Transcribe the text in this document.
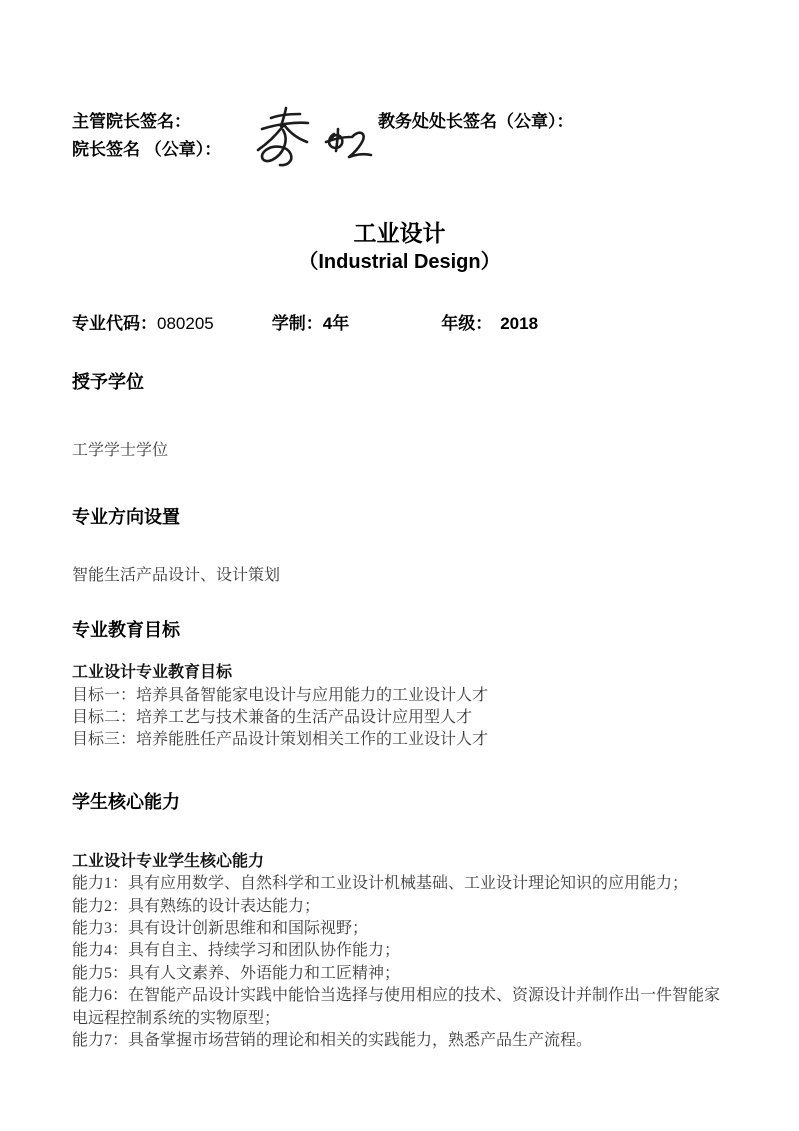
主管院长签名：
院长签名 （公章）：
教务处处长签名（公章）：
工业设计
（Industrial Design）
专业代码：080205	学制：4年	年级： 2018
授予学位
工学学士学位
专业方向设置
智能生活产品设计、设计策划
专业教育目标
工业设计专业教育目标
目标一：培养具备智能家电设计与应用能力的工业设计人才
目标二：培养工艺与技术兼备的生活产品设计应用型人才
目标三：培养能胜任产品设计策划相关工作的工业设计人才
学生核心能力
工业设计专业学生核心能力
能力1：具有应用数学、自然科学和工业设计机械基础、工业设计理论知识的应用能力；
能力2：具有熟练的设计表达能力；
能力3：具有设计创新思维和和国际视野；
能力4：具有自主、持续学习和团队协作能力；
能力5：具有人文素养、外语能力和工匠精神；
能力6：在智能产品设计实践中能恰当选择与使用相应的技术、资源设计并制作出一件智能家电远程控制系统的实物原型；
能力7：具备掌握市场营销的理论和相关的实践能力，熟悉产品生产流程。
